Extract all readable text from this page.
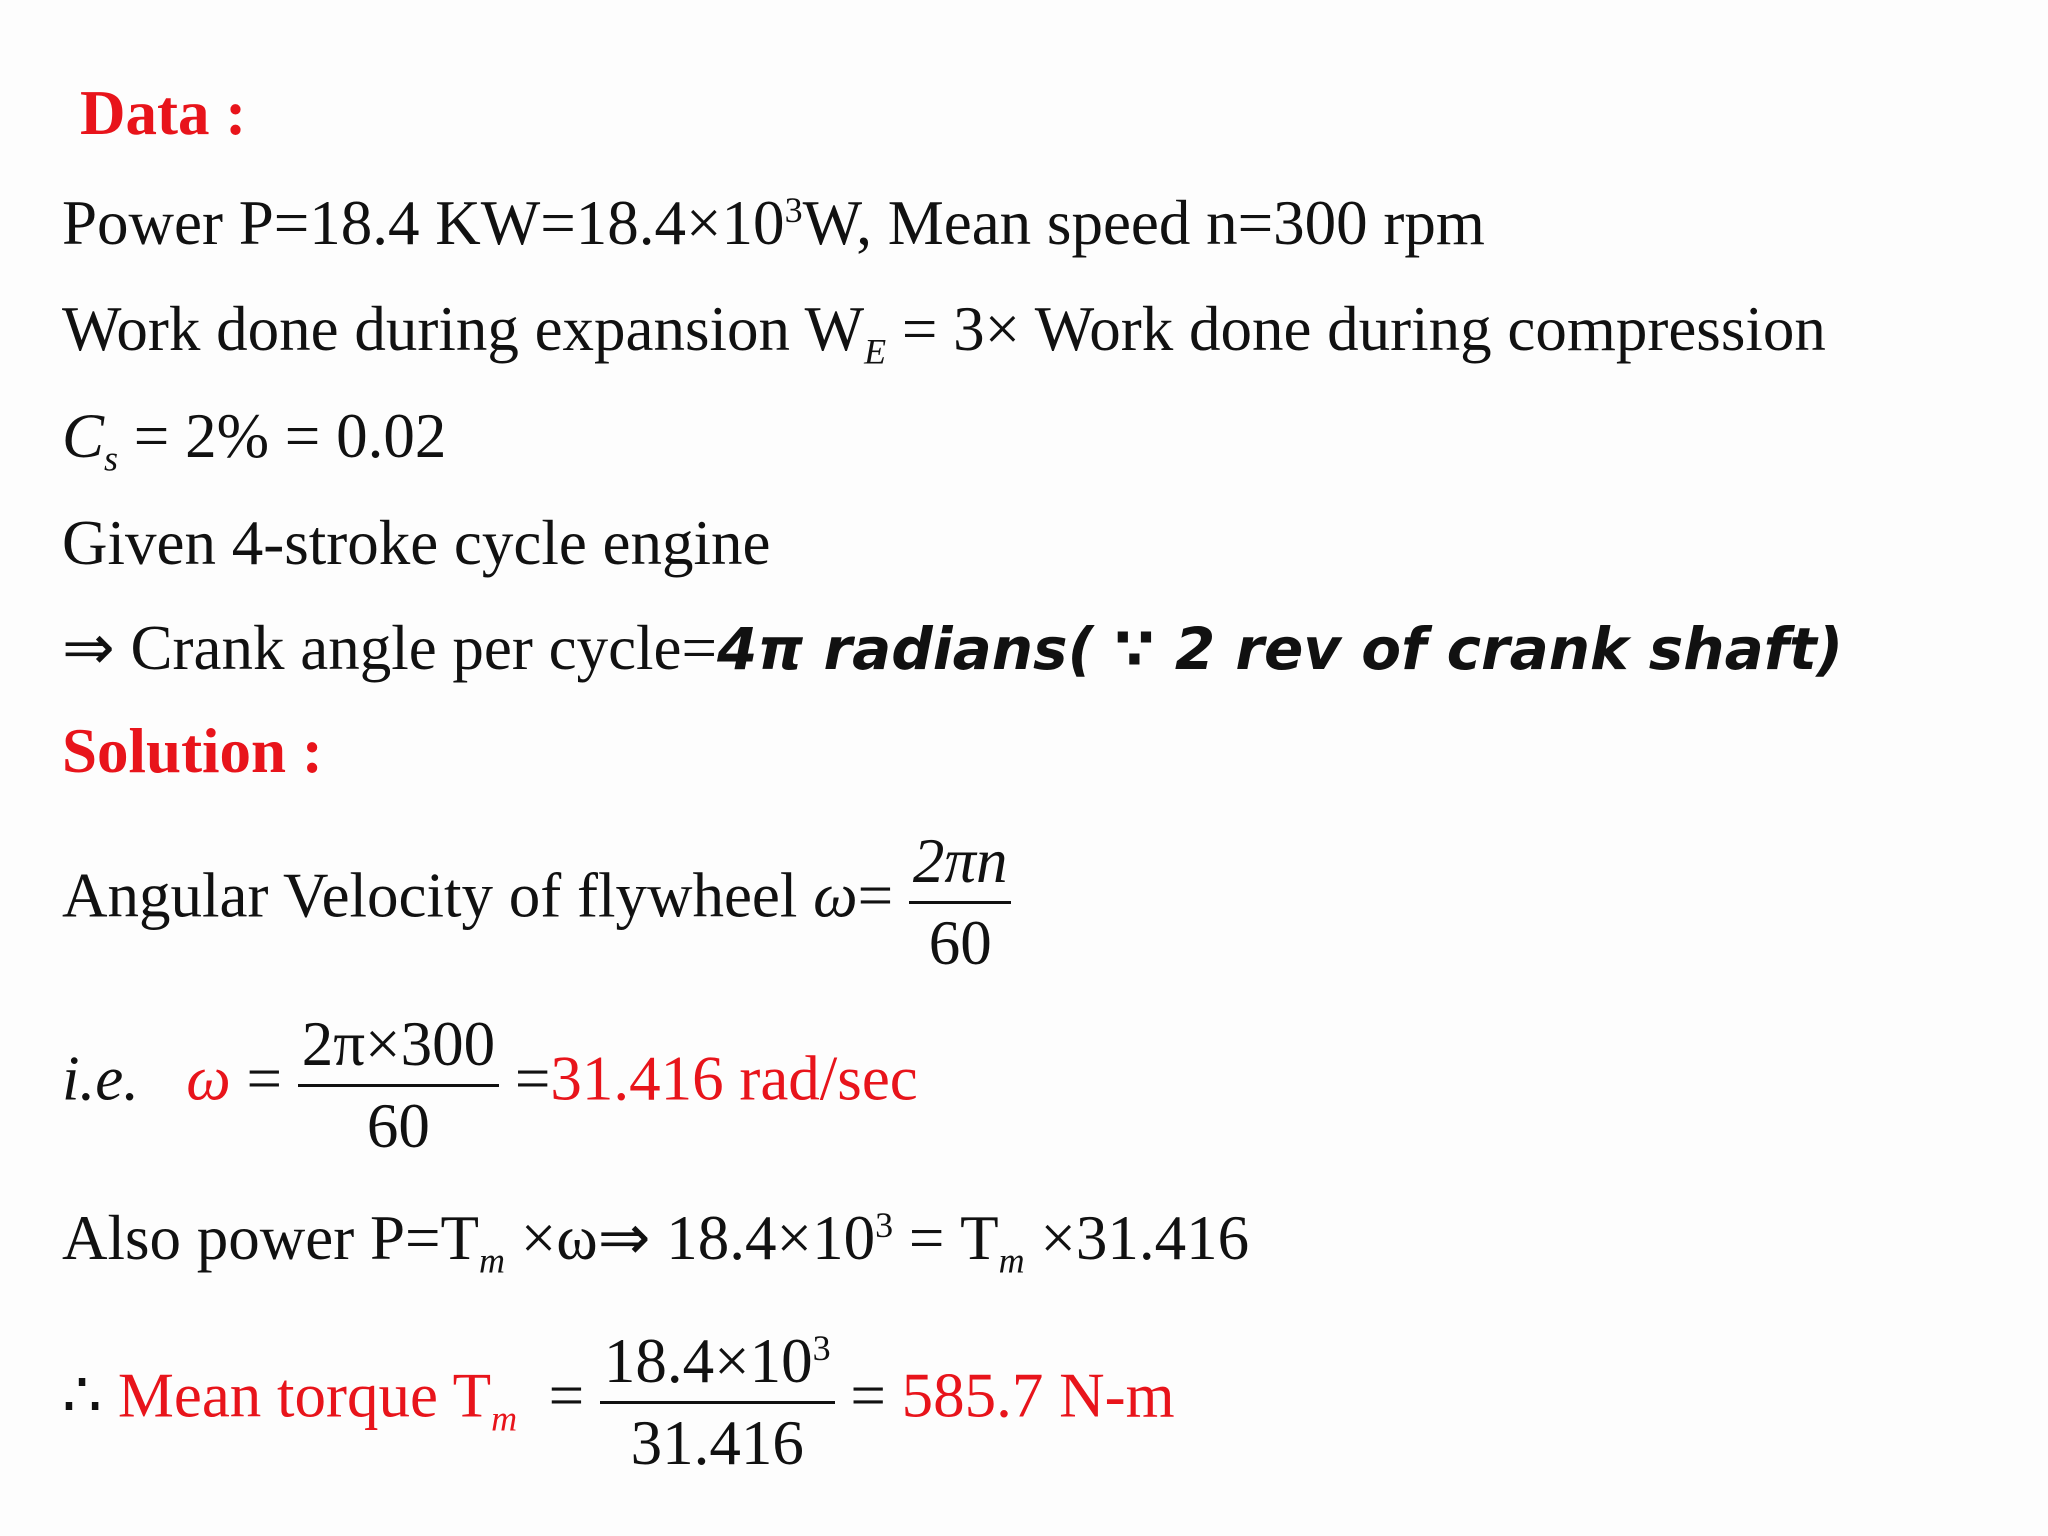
Data :
Power P=18.4 $KW=18.4\times 10^3W$, Mean speed n=300 rpm
Work done during expansion $W_E = 3\times$ Work done during compression
$C_s = 2\% = 0.02$
Given 4-stroke cycle engine
⇒ Crank angle per cycle=4π radians( ∵ 2 rev of crank shaft)
Solution :
Angular Velocity of flywheel $\omega= \frac{2\pi n}{60}$
i.e. $\omega = \frac{2\pi\times 300}{60} =31.416$ rad/sec
Also power $P=T_m$ ×ω⇒ $18.4\times 10^3 = T_m \times 31.416$
∴ Mean torque $T_m = \frac{18.4\times 10^3}{31.416} = 585.7$ N-m
